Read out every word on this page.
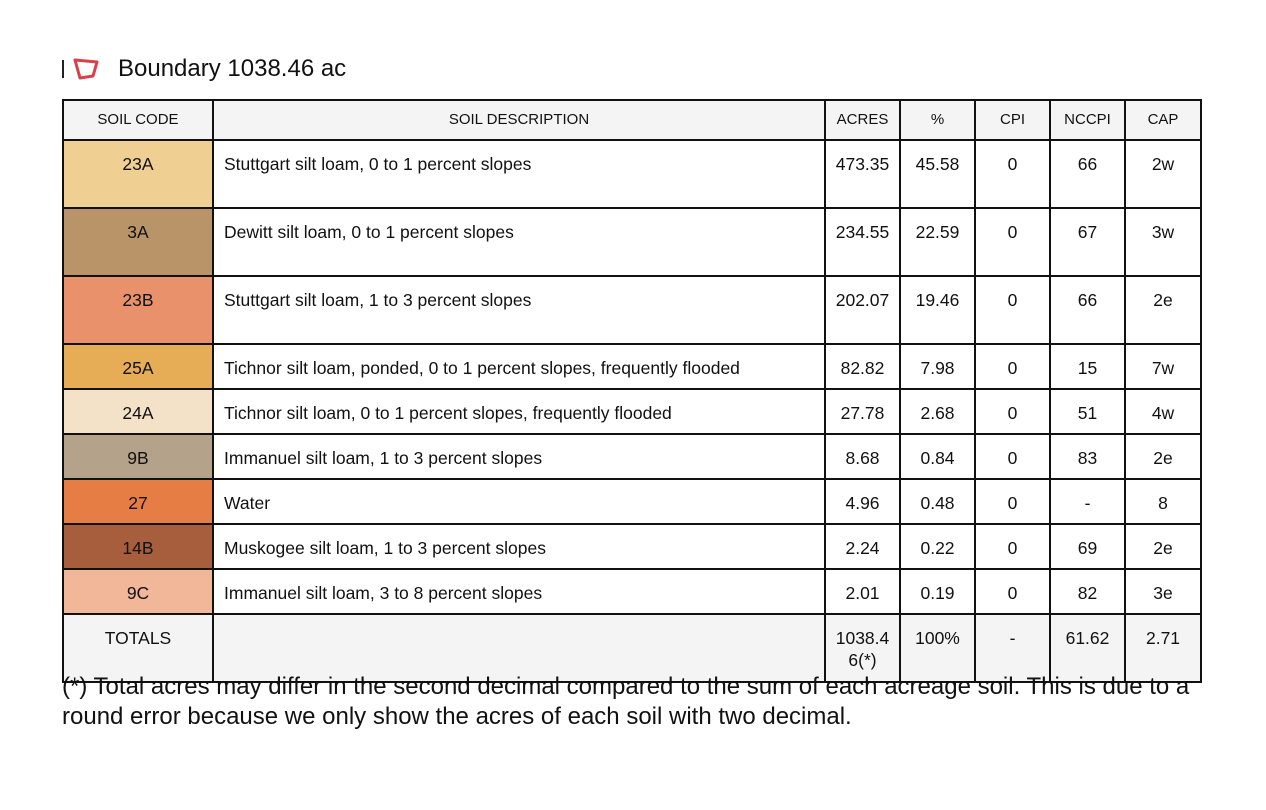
Boundary 1038.46 ac
SOIL CODE	SOIL DESCRIPTION	ACRES	%	CPI	NCCPI	CAP
23A	Stuttgart silt loam, 0 to 1 percent slopes	473.35	45.58	0	66	2w
3A	Dewitt silt loam, 0 to 1 percent slopes	234.55	22.59	0	67	3w
23B	Stuttgart silt loam, 1 to 3 percent slopes	202.07	19.46	0	66	2e
25A	Tichnor silt loam, ponded, 0 to 1 percent slopes, frequently flooded	82.82	7.98	0	15	7w
24A	Tichnor silt loam, 0 to 1 percent slopes, frequently flooded	27.78	2.68	0	51	4w
9B	Immanuel silt loam, 1 to 3 percent slopes	8.68	0.84	0	83	2e
27	Water	4.96	0.48	0	-	8
14B	Muskogee silt loam, 1 to 3 percent slopes	2.24	0.22	0	69	2e
9C	Immanuel silt loam, 3 to 8 percent slopes	2.01	0.19	0	82	3e
TOTALS		1038.46(*)	100%	-	61.62	2.71
(*) Total acres may differ in the second decimal compared to the sum of each acreage soil. This is due to a round error because we only show the acres of each soil with two decimal.
